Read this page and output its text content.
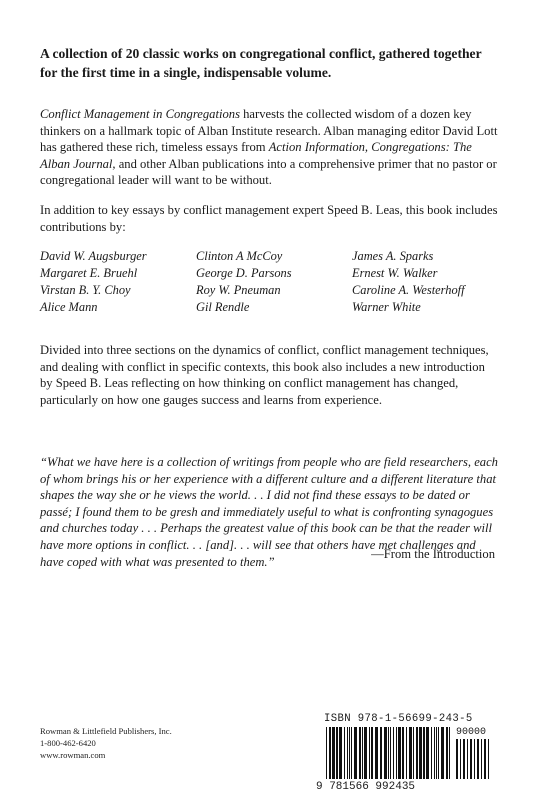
A collection of 20 classic works on congregational conflict, gathered together for the first time in a single, indispensable volume.

Conflict Management in Congregations harvests the collected wisdom of a dozen key thinkers on a hallmark topic of Alban Institute research. Alban managing editor David Lott has gathered these rich, timeless essays from Action Information, Congregations: The Alban Journal, and other Alban publications into a comprehensive primer that no pastor or congregational leader will want to be without.

In addition to key essays by conflict management expert Speed B. Leas, this book includes contributions by:

David W. Augsburger
Margaret E. Bruehl
Virstan B. Y. Choy
Alice Mann
Clinton A McCoy
George D. Parsons
Roy W. Pneuman
Gil Rendle
James A. Sparks
Ernest W. Walker
Caroline A. Westerhoff
Warner White

Divided into three sections on the dynamics of conflict, conflict management techniques, and dealing with conflict in specific contexts, this book also includes a new introduction by Speed B. Leas reflecting on how thinking on conflict management has changed, particularly on how one gauges success and learns from experience.

“What we have here is a collection of writings from people who are field researchers, each of whom brings his or her experience with a different culture and a different literature that shapes the way she or he views the world. . . I did not find these essays to be dated or passé; I found them to be gresh and immediately useful to what is confronting synagogues and churches today . . . Perhaps the greatest value of this book can be that the reader will have more options in conflict. . . [and]. . . will see that others have met challenges and have coped with what was presented to them.”

—From the Introduction

Rowman & Littlefield Publishers, Inc.
1-800-462-6420
www.rowman.com
ISBN 978-1-56699-243-5
90000
9 781566 992435
